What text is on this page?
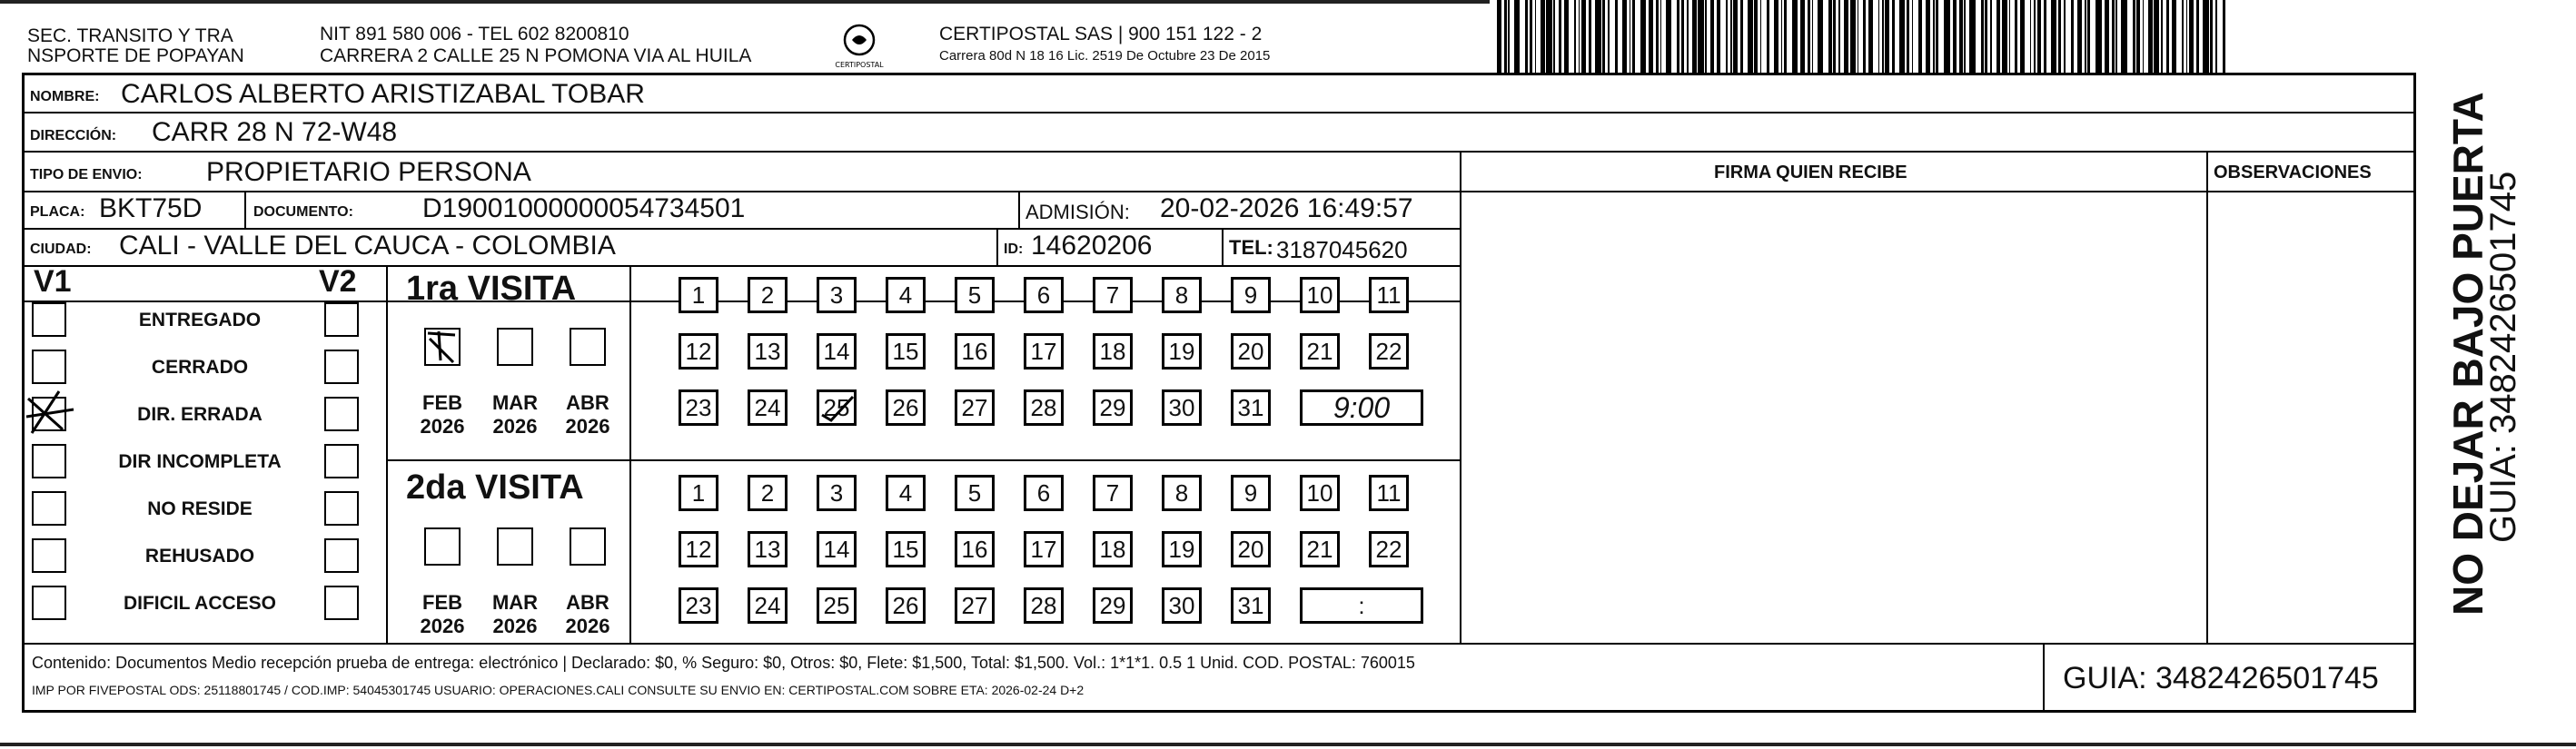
SEC. TRANSITO Y TRA
NSPORTE DE POPAYAN
NIT 891 580 006 - TEL 602 8200810
CARRERA 2 CALLE 25 N POMONA VIA AL HUILA	CERTIPOSTAL
CERTIPOSTAL SAS | 900 151 122 - 2
Carrera 80d N 18 16 Lic. 2519 De Octubre 23 De 2015
NOMBRE: CARLOS ALBERTO ARISTIZABAL TOBAR
DIRECCIÓN: CARR 28 N 72-W48
TIPO DE ENVIO: PROPIETARIO PERSONA	FIRMA QUIEN RECIBE	OBSERVACIONES
PLACA: BKT75D	DOCUMENTO:	D19001000000054734501	ADMISIÓN: 20-02-2026 16:49:57
CIUDAD: CALI - VALLE DEL CAUCA - COLOMBIA	ID: 14620206	TEL: 3187045620
V1	V2
ENTREGADO
CERRADO
DIR. ERRADA
DIR INCOMPLETA
NO RESIDE
REHUSADO
DIFICIL ACCESO
1ra VISITA
2da VISITA
FEB
2026
MAR
2026
ABR
2026
FEB
2026
MAR
2026
ABR
2026
1	2	3	4	5	6	7	8	9	10	11
12 13 14 15 16 17 18 19 20 21 22
23 24 25 26 27 28 29 30 31	9:00
1	2	3	4	5	6	7	8	9	10	11
12 13 14 15 16 17 18 19 20 21 22
23 24 25 26 27 28 29 30 31	:
Contenido: Documentos Medio recepción prueba de entrega: electrónico | Declarado: $0, % Seguro: $0, Otros: $0, Flete: $1,500, Total: $1,500. Vol.: 1*1*1. 0.5 1 Unid. COD. POSTAL: 760015
IMP POR FIVEPOSTAL ODS: 25118801745 / COD.IMP: 54045301745 USUARIO: OPERACIONES.CALI CONSULTE SU ENVIO EN: CERTIPOSTAL.COM SOBRE ETA: 2026-02-24 D+2	GUIA: 3482426501745
NO DEJAR BAJO PUERTA
GUIA: 3482426501745
